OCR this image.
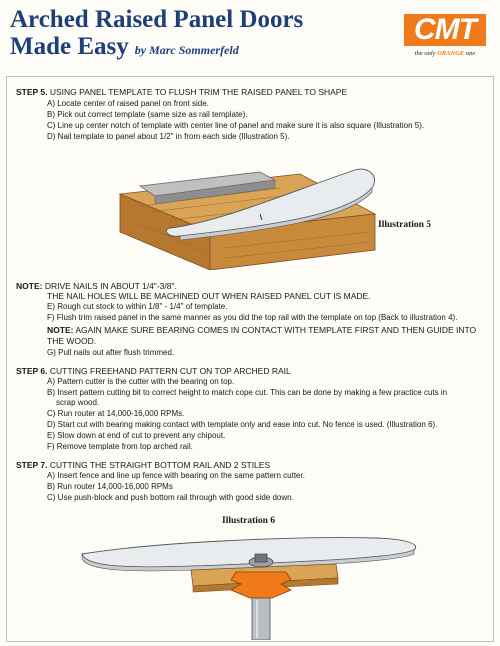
Arched Raised Panel Doors
Made Easy by Marc Sommerfeld
CMT
the only ORANGE one
STEP 5. USING PANEL TEMPLATE TO FLUSH TRIM THE RAISED PANEL TO SHAPE
A) Locate center of raised panel on front side.
B) Pick out correct template (same size as rail template).
C) Line up center notch of template with center line of panel and make sure it is also square (Illustration 5).
D) Nail template to panel about 1/2" in from each side (Illustration 5).
Illustration 5
NOTE: DRIVE NAILS IN ABOUT 1/4"-3/8".
THE NAIL HOLES WILL BE MACHINED OUT WHEN RAISED PANEL CUT IS MADE.
E) Rough cut stock to within 1/8" - 1/4" of template.
F) Flush trim raised panel in the same manner as you did the top rail with the template on top (Back to illustration 4).
NOTE: AGAIN MAKE SURE BEARING COMES IN CONTACT WITH TEMPLATE FIRST AND THEN GUIDE INTO
THE WOOD.
G) Pull nails out after flush trimmed.
STEP 6. CUTTING FREEHAND PATTERN CUT ON TOP ARCHED RAIL
A) Pattern cutter is the cutter with the bearing on top.
B) Insert pattern cutting bit to correct height to match cope cut. This can be done by making a few practice cuts in
scrap wood.
C) Run router at 14,000-16,000 RPMs.
D) Start cut with bearing making contact with template only and ease into cut. No fence is used. (Illustration 6).
E) Slow down at end of cut to prevent any chipout.
F) Remove template from top arched rail.
STEP 7. CUTTING THE STRAIGHT BOTTOM RAIL AND 2 STILES
A) Insert fence and line up fence with bearing on the same pattern cutter.
B) Run router 14,000-16,000 RPMs
C) Use push-block and push bottom rail through with good side down.
Illustration 6
